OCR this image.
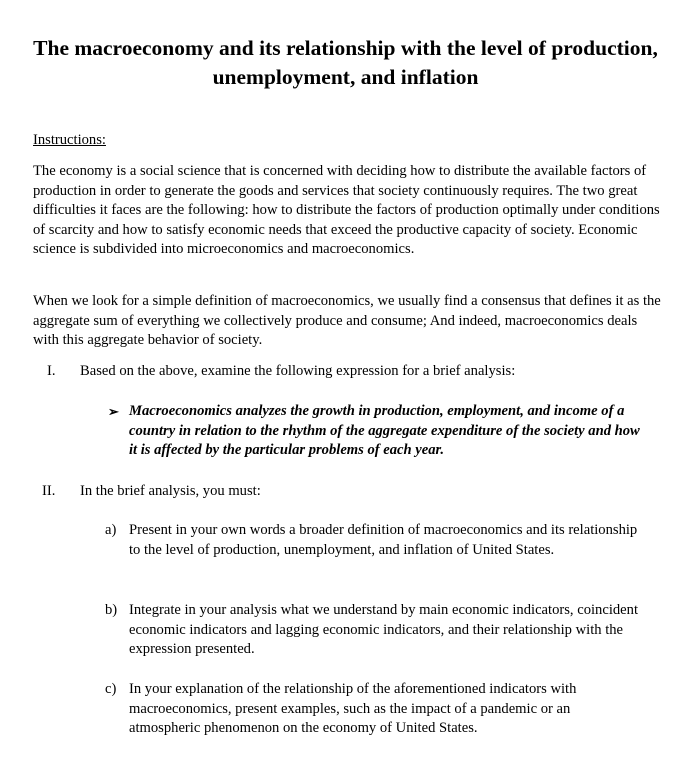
The macroeconomy and its relationship with the level of production, unemployment, and inflation
Instructions:
The economy is a social science that is concerned with deciding how to distribute the available factors of production in order to generate the goods and services that society continuously requires. The two great difficulties it faces are the following: how to distribute the factors of production optimally under conditions of scarcity and how to satisfy economic needs that exceed the productive capacity of society. Economic science is subdivided into microeconomics and macroeconomics.
When we look for a simple definition of macroeconomics, we usually find a consensus that defines it as the aggregate sum of everything we collectively produce and consume; And indeed, macroeconomics deals with this aggregate behavior of society.
I. Based on the above, examine the following expression for a brief analysis:
➢ Macroeconomics analyzes the growth in production, employment, and income of a country in relation to the rhythm of the aggregate expenditure of the society and how it is affected by the particular problems of each year.
II. In the brief analysis, you must:
a) Present in your own words a broader definition of macroeconomics and its relationship to the level of production, unemployment, and inflation of United States.
b) Integrate in your analysis what we understand by main economic indicators, coincident economic indicators and lagging economic indicators, and their relationship with the expression presented.
c) In your explanation of the relationship of the aforementioned indicators with macroeconomics, present examples, such as the impact of a pandemic or an atmospheric phenomenon on the economy of United States.
